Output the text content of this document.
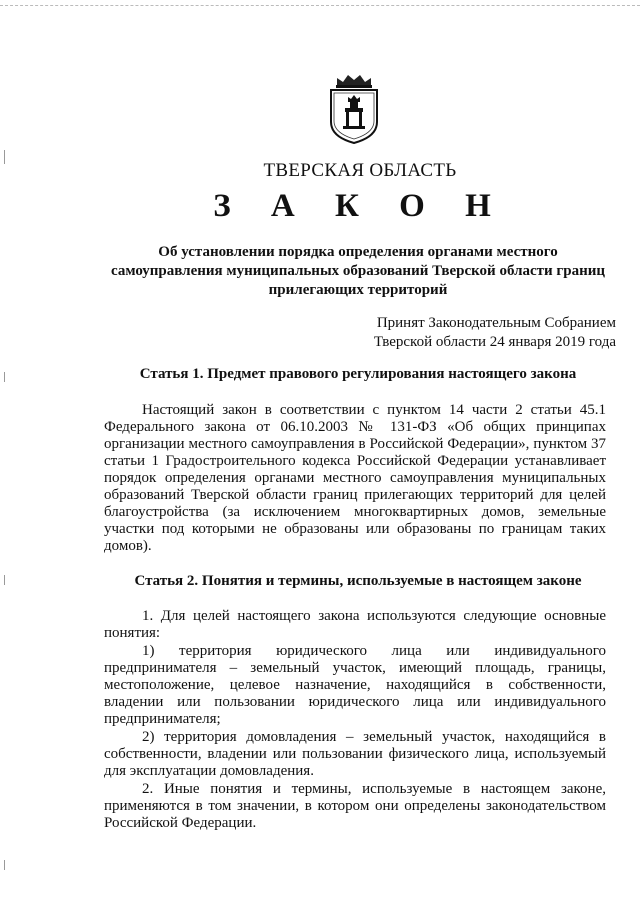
ТВЕРСКАЯ ОБЛАСТЬ
З А К О Н
Об установлении порядка определения органами местного
самоуправления муниципальных образований Тверской области границ
прилегающих территорий
Принят Законодательным Собранием
Тверской области 24 января 2019 года
Статья 1. Предмет правового регулирования настоящего закона
Настоящий закон в соответствии с пунктом 14 части 2 статьи 45.1 Федерального закона от 06.10.2003 № 131-ФЗ «Об общих принципах организации местного самоуправления в Российской Федерации», пунктом 37 статьи 1 Градостроительного кодекса Российской Федерации устанавливает порядок определения органами местного самоуправления муниципальных образований Тверской области границ прилегающих территорий для целей благоустройства (за исключением многоквартирных домов, земельные участки под которыми не образованы или образованы по границам таких домов).
Статья 2. Понятия и термины, используемые в настоящем законе
1. Для целей настоящего закона используются следующие основные понятия:
1) территория юридического лица или индивидуального предпринимателя – земельный участок, имеющий площадь, границы, местоположение, целевое назначение, находящийся в собственности, владении или пользовании юридического лица или индивидуального предпринимателя;
2) территория домовладения – земельный участок, находящийся в собственности, владении или пользовании физического лица, используемый для эксплуатации домовладения.
2. Иные понятия и термины, используемые в настоящем законе, применяются в том значении, в котором они определены законодательством Российской Федерации.
